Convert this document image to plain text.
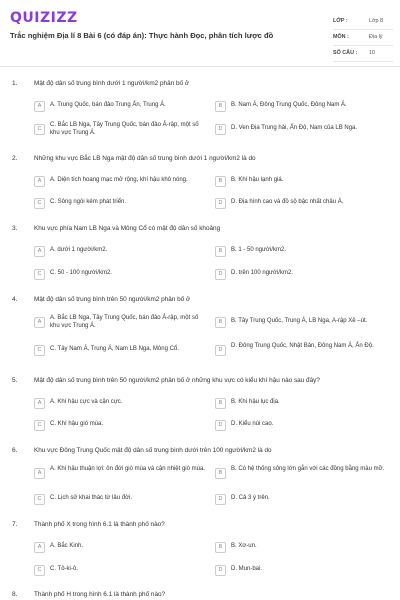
QUIZIZZ
Trắc nghiệm Địa lí 8 Bài 6 (có đáp án): Thực hành Đọc, phân tích lược đồ
LỚP :	Lớp 8
MÔN :	Địa lý
SỐ CÂU : 10
1.	Mật độ dân số trung bình dưới 1 người/km2 phân bố ở
A	A. Trung Quốc, bán đảo Trung Ấn, Trung Á.	B	B. Nam Á, Đông Trung Quốc, Đông Nam Á.
C
C. Bắc LB Nga, Tây Trung Quốc, bán đảo Ả-rập, một số khu vực Trung Á.
D	D. Ven Địa Trung hải, Ấn Độ, Nam của LB Nga.
2.	Những khu vực Bắc LB Nga mật độ dân số trung bình dưới 1 người/km2 là do
A	A. Diện tích hoang mạc mở rộng, khí hậu khô nóng.	B	B. Khí hậu lạnh giá.
C	C. Sông ngòi kém phát triển.	D	D. Địa hình cao và đồ sộ bậc nhất châu Á.
3.	Khu vực phía Nam LB Nga và Mông Cổ có mật độ dân số khoảng
A	A. dưới 1 người/km2.	B	B. 1 - 50 người/km2.
C	C. 50 - 100 người/km2.	D	D. trên 100 người/km2.
4.	Mật độ dân số trung bình trên 50 người/km2 phân bố ở
A
A. Bắc LB Nga, Tây Trung Quốc, bán đảo Ả-rập, một số khu vực Trung Á.
B	B. Tây Trung Quốc, Trung Á, LB Nga, A-rập Xê –út.
C	C. Tây Nam Á, Trung Á, Nam LB Nga, Mông Cổ.	D
D. Đông Trung Quốc, Nhật Bản, Đông Nam Á, Ấn Độ.
5.	Mật độ dân số trung bình trên 50 người/km2 phân bố ở những khu vực có kiểu khí hậu nào sau đây?
A	A. Khí hậu cực và cận cực.	B	B. Khí hậu lục địa.
C	C. Khí hậu gió mùa.	D	D. Kiểu núi cao.
6.	Khu vực Đông Trung Quốc mật độ dân số trung bình dưới trên 100 người/km2 là do
A
A. Khí hậu thuận lợi: ôn đới gió mùa và cận nhiệt gió mùa.
B
B. Có hệ thống sông lớn gắn với các đồng bằng màu mỡ.
C	C. Lịch sử khai thác từ lâu đời.	D	D. Cả 3 ý trên.
7.	Thành phố X trong hình 6.1 là thành phố nào?
A	A. Bắc Kinh.	B	B. Xơ-un.
C	C. Tô-ki-ô.	D	D. Mun-bai.
8.	Thành phố H trong hình 6.1 là thành phố nào?
